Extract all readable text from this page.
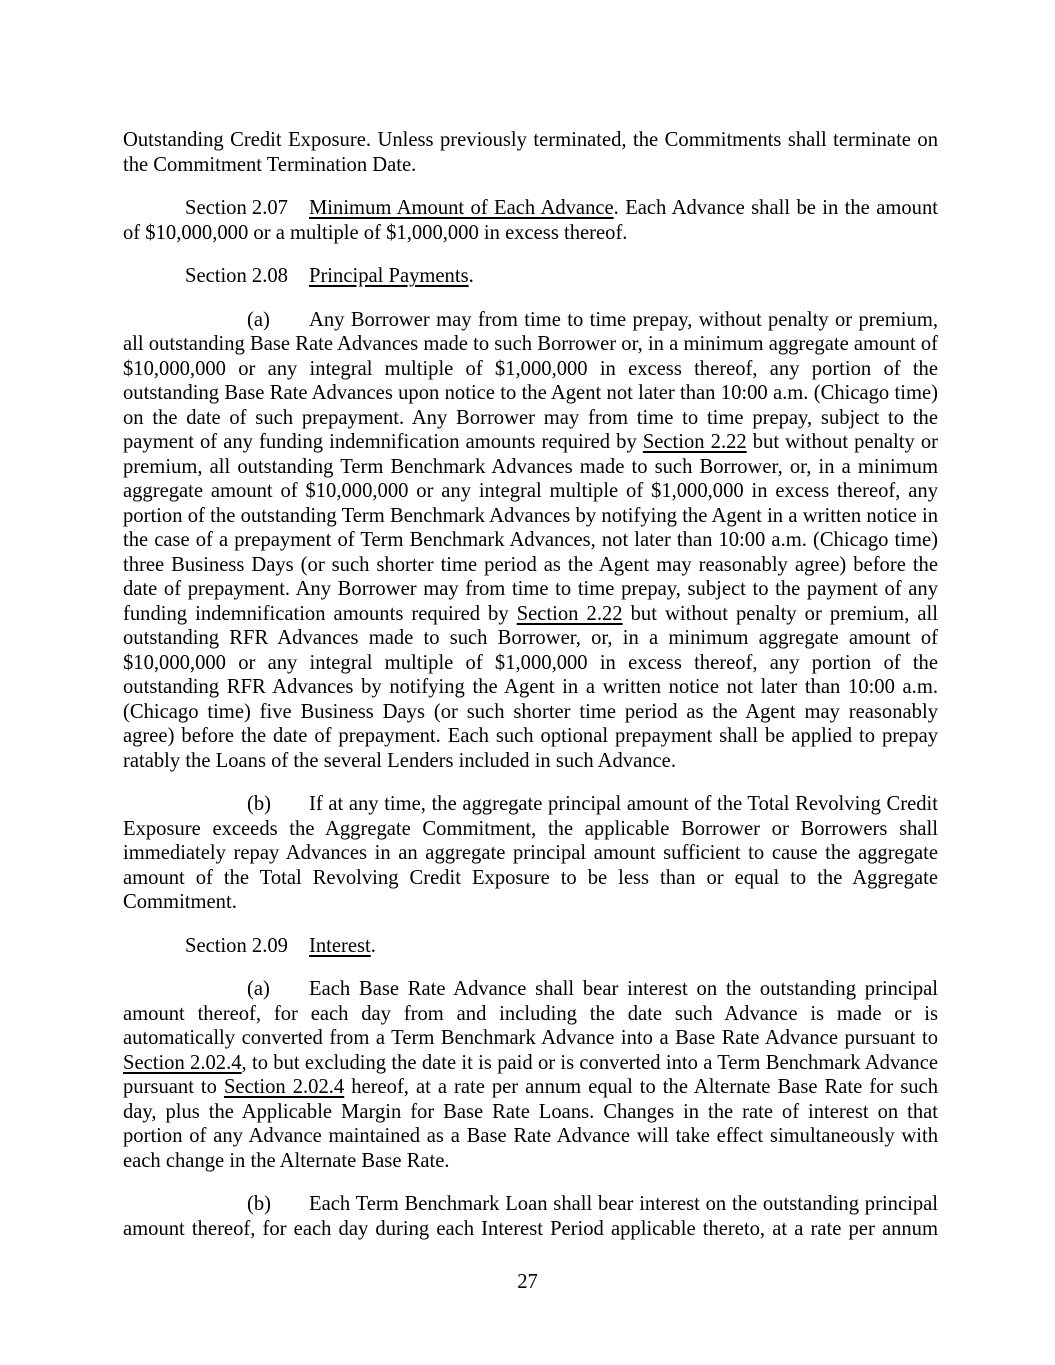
Outstanding Credit Exposure. Unless previously terminated, the Commitments shall terminate on the Commitment Termination Date.

Section 2.07 Minimum Amount of Each Advance. Each Advance shall be in the amount of $10,000,000 or a multiple of $1,000,000 in excess thereof.

Section 2.08 Principal Payments.

(a) Any Borrower may from time to time prepay, without penalty or premium, all outstanding Base Rate Advances made to such Borrower or, in a minimum aggregate amount of $10,000,000 or any integral multiple of $1,000,000 in excess thereof, any portion of the outstanding Base Rate Advances upon notice to the Agent not later than 10:00 a.m. (Chicago time) on the date of such prepayment. Any Borrower may from time to time prepay, subject to the payment of any funding indemnification amounts required by Section 2.22 but without penalty or premium, all outstanding Term Benchmark Advances made to such Borrower, or, in a minimum aggregate amount of $10,000,000 or any integral multiple of $1,000,000 in excess thereof, any portion of the outstanding Term Benchmark Advances by notifying the Agent in a written notice in the case of a prepayment of Term Benchmark Advances, not later than 10:00 a.m. (Chicago time) three Business Days (or such shorter time period as the Agent may reasonably agree) before the date of prepayment. Any Borrower may from time to time prepay, subject to the payment of any funding indemnification amounts required by Section 2.22 but without penalty or premium, all outstanding RFR Advances made to such Borrower, or, in a minimum aggregate amount of $10,000,000 or any integral multiple of $1,000,000 in excess thereof, any portion of the outstanding RFR Advances by notifying the Agent in a written notice not later than 10:00 a.m. (Chicago time) five Business Days (or such shorter time period as the Agent may reasonably agree) before the date of prepayment. Each such optional prepayment shall be applied to prepay ratably the Loans of the several Lenders included in such Advance.

(b) If at any time, the aggregate principal amount of the Total Revolving Credit Exposure exceeds the Aggregate Commitment, the applicable Borrower or Borrowers shall immediately repay Advances in an aggregate principal amount sufficient to cause the aggregate amount of the Total Revolving Credit Exposure to be less than or equal to the Aggregate Commitment.

Section 2.09 Interest.

(a) Each Base Rate Advance shall bear interest on the outstanding principal amount thereof, for each day from and including the date such Advance is made or is automatically converted from a Term Benchmark Advance into a Base Rate Advance pursuant to Section 2.02.4, to but excluding the date it is paid or is converted into a Term Benchmark Advance pursuant to Section 2.02.4 hereof, at a rate per annum equal to the Alternate Base Rate for such day, plus the Applicable Margin for Base Rate Loans. Changes in the rate of interest on that portion of any Advance maintained as a Base Rate Advance will take effect simultaneously with each change in the Alternate Base Rate.

(b) Each Term Benchmark Loan shall bear interest on the outstanding principal amount thereof, for each day during each Interest Period applicable thereto, at a rate per annum

27
